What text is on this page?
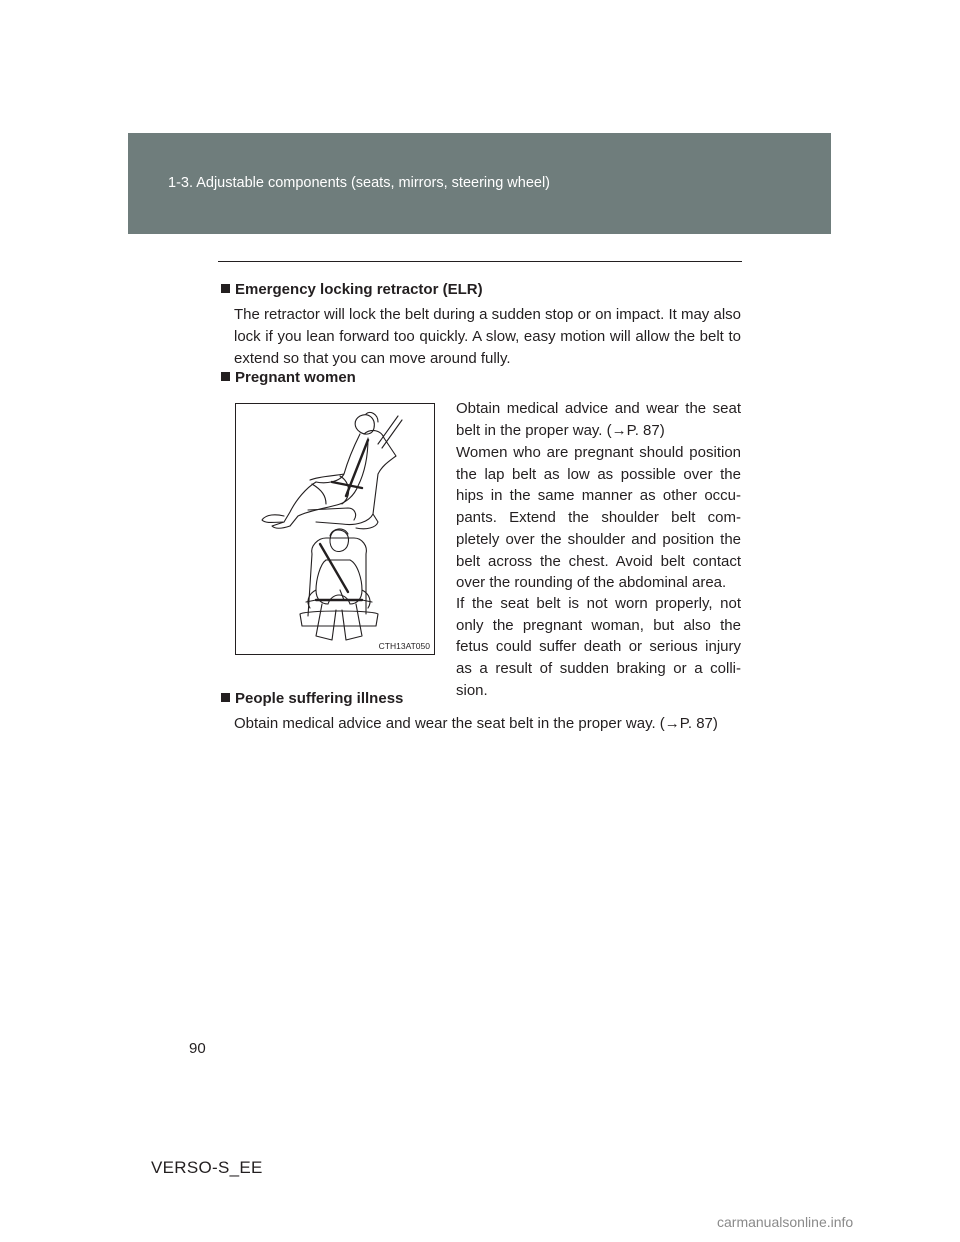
1-3. Adjustable components (seats, mirrors, steering wheel)
Emergency locking retractor (ELR)
The retractor will lock the belt during a sudden stop or on impact. It may also
lock if you lean forward too quickly. A slow, easy motion will allow the belt to
extend so that you can move around fully.
Pregnant women
CTH13AT050
Obtain medical advice and wear the seat
belt in the proper way. (→P. 87)
Women who are pregnant should position
the lap belt as low as possible over the
hips in the same manner as other occu-
pants. Extend the shoulder belt com-
pletely over the shoulder and position the
belt across the chest. Avoid belt contact
over the rounding of the abdominal area.
If the seat belt is not worn properly, not
only the pregnant woman, but also the
fetus could suffer death or serious injury
as a result of sudden braking or a colli-
sion.
People suffering illness
Obtain medical advice and wear the seat belt in the proper way. (→P. 87)
90
VERSO-S_EE
carmanualsonline.info
